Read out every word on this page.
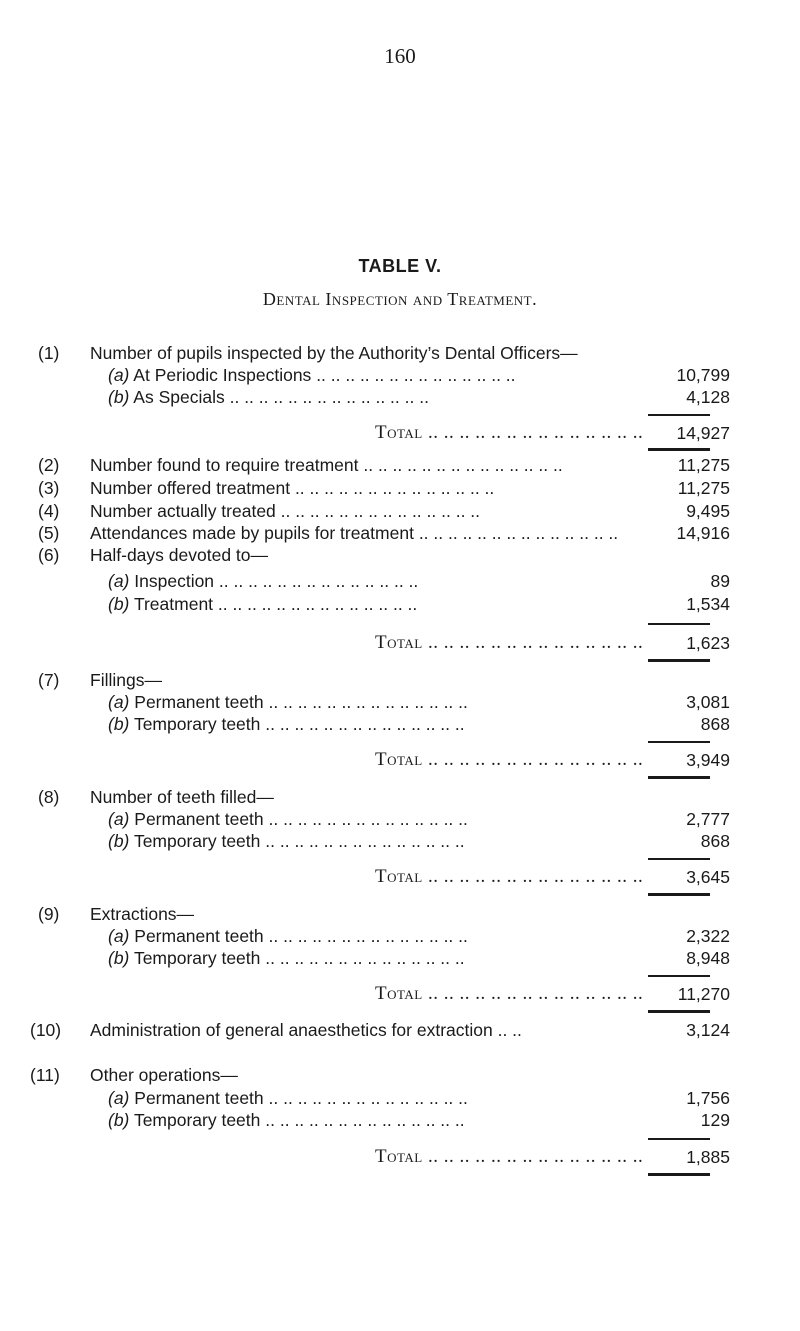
160
TABLE V.
Dental Inspection and Treatment.
(1) Number of pupils inspected by the Authority’s Dental Officers—
(a) At Periodic Inspections .. .. .. .. .. .. .. .. .. .. .. .. .. ..	10,799
(b) As Specials .. .. .. .. .. .. .. .. .. .. .. .. .. ..	4,128
Total .. .. .. .. .. .. .. .. .. .. .. .. .. .. 14,927
(2) Number found to require treatment .. .. .. .. .. .. .. .. .. .. .. .. .. ..	11,275
(3) Number offered treatment .. .. .. .. .. .. .. .. .. .. .. .. .. ..	11,275
(4) Number actually treated .. .. .. .. .. .. .. .. .. .. .. .. .. ..	9,495
(5) Attendances made by pupils for treatment .. .. .. .. .. .. .. .. .. .. .. .. .. ..	14,916
(6) Half-days devoted to—
(a) Inspection .. .. .. .. .. .. .. .. .. .. .. .. .. ..	89
(b) Treatment .. .. .. .. .. .. .. .. .. .. .. .. .. ..	1,534
Total .. .. .. .. .. .. .. .. .. .. .. .. .. .. 1,623
(7) Fillings—
(a) Permanent teeth .. .. .. .. .. .. .. .. .. .. .. .. .. ..	3,081
(b) Temporary teeth .. .. .. .. .. .. .. .. .. .. .. .. .. ..	868
Total .. .. .. .. .. .. .. .. .. .. .. .. .. .. 3,949
(8) Number of teeth filled—
(a) Permanent teeth .. .. .. .. .. .. .. .. .. .. .. .. .. ..	2,777
(b) Temporary teeth .. .. .. .. .. .. .. .. .. .. .. .. .. ..	868
Total .. .. .. .. .. .. .. .. .. .. .. .. .. .. 3,645
(9) Extractions—
(a) Permanent teeth .. .. .. .. .. .. .. .. .. .. .. .. .. ..	2,322
(b) Temporary teeth .. .. .. .. .. .. .. .. .. .. .. .. .. ..	8,948
Total .. .. .. .. .. .. .. .. .. .. .. .. .. .. 11,270
(10) Administration of general anaesthetics for extraction .. ..	3,124
(11) Other operations—
(a) Permanent teeth .. .. .. .. .. .. .. .. .. .. .. .. .. ..	1,756
(b) Temporary teeth .. .. .. .. .. .. .. .. .. .. .. .. .. ..	129
Total .. .. .. .. .. .. .. .. .. .. .. .. .. .. 1,885
